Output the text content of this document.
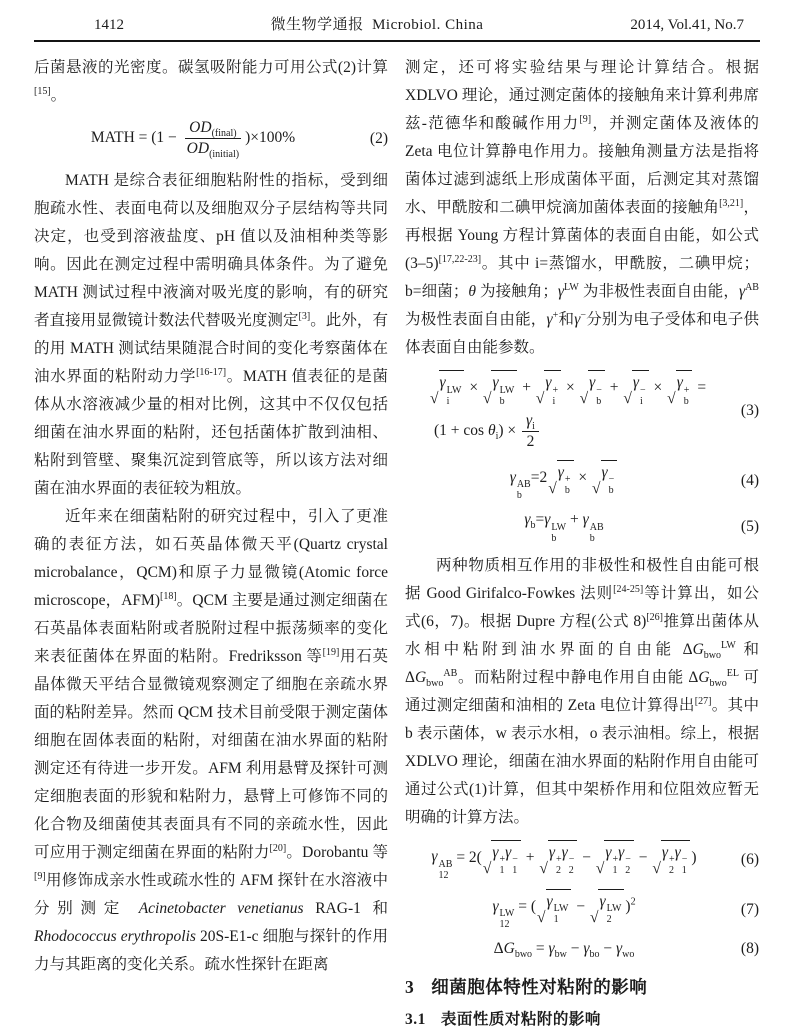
1412	微生物学通报 Microbiol. China	2014, Vol.41, No.7

后菌悬液的光密度。碳氢吸附能力可用公式(2)计算[15]。

MATH = $(1 - \frac{OD_{(final)}}{OD_{(initial)}} )\times 100\%$	(2)

MATH 是综合表征细胞粘附性的指标，受到细胞疏水性、表面电荷以及细胞双分子层结构等共同决定，也受到溶液盐度、pH 值以及油相种类等影响。因此在测定过程中需明确具体条件。为了避免 MATH 测试过程中液滴对吸光度的影响，有的研究者直接用显微镜计数法代替吸光度测定[3]。此外，有的用 MATH 测试结果随混合时间的变化考察菌体在油水界面的粘附动力学[16-17]。MATH 值表征的是菌体从水溶液减少量的相对比例，这其中不仅仅包括细菌在油水界面的粘附，还包括菌体扩散到油相、粘附到管壁、聚集沉淀到管底等，所以该方法对细菌在油水界面的表征较为粗放。

近年来在细菌粘附的研究过程中，引入了更准确的表征方法，如石英晶体微天平(Quartz crystal microbalance，QCM)和原子力显微镜(Atomic force microscope，AFM)[18]。QCM 主要是通过测定细菌在石英晶体表面粘附或者脱附过程中振荡频率的变化来表征菌体在界面的粘附。Fredriksson 等[19]用石英晶体微天平结合显微镜观察测定了细胞在亲疏水界面的粘附差异。然而 QCM 技术目前受限于测定菌体细胞在固体表面的粘附，对细菌在油水界面的粘附测定还有待进一步开发。AFM 利用悬臂及探针可测定细胞表面的形貌和粘附力，悬臂上可修饰不同的化合物及细菌使其表面具有不同的亲疏水性，因此可应用于测定细菌在界面的粘附力[20]。Dorobantu 等[9]用修饰成亲水性或疏水性的 AFM 探针在水溶液中分别测定 Acinetobacter venetianus RAG-1 和 Rhodococcus erythropolis 20S-E1-c 细胞与探针的作用力与其距离的变化关系。疏水性探针在距离

测定，还可将实验结果与理论计算结合。根据 XDLVO 理论，通过测定菌体的接触角来计算利弗席兹-范德华和酸碱作用力[9]，并测定菌体及液体的 Zeta 电位计算静电作用力。接触角测量方法是指将菌体过滤到滤纸上形成菌体平面，后测定其对蒸馏水、甲酰胺和二碘甲烷滴加菌体表面的接触角[3,21]，再根据 Young 方程计算菌体的表面自由能，如公式(3–5)[17,22-23]。其中 i=蒸馏水，甲酰胺，二碘甲烷；b=细菌；θ 为接触角；$\gamma^{LW}$ 为非极性表面自由能，$\gamma^{AB}$ 为极性表面自由能，γ+和γ−分别为电子受体和电子供体表面自由能参数。

√
γ LW
i
×
√
γ LW
b
+
√
γ +
i
×
√
γ −
b
+
√
γ −
i
×
√
γ +
b
=
$(1 + \cos \theta_i) \times \frac{\gamma_i}{2}$	(3)
γ AB
b
=2
√
γ +
b
×
√
γ −
b
(4)
$\gamma_b=\gamma$ LW
b
+ γ AB
b
(5)

两种物质相互作用的非极性和极性自由能可根据 Good Girifalco-Fowkes 法则[24-25]等计算出，如公式(6，7)。根据 Dupre 方程(公式 8)[26]推算出菌体从水相中粘附到油水界面的自由能 $\Delta G_{bwo}^{LW}$ 和 $\Delta G_{bwo}^{AB}$。而粘附过程中静电作用自由能 $\Delta G_{bwo}^{EL}$ 可通过测定细菌和油相的 Zeta 电位计算得出[27]。其中 b 表示菌体，w 表示水相，o 表示油相。综上，根据 XDLVO 理论，细菌在油水界面的粘附作用自由能可通过公式(1)计算，但其中架桥作用和位阻效应暂无明确的计算方法。

γ AB
12
= 2(
√
γ +
1
γ −
1
+
√
γ +
2
γ −
2
−
√
γ +
1
γ −
2
−
√
γ +
2
γ −
1
)	(6)
γ LW
12
= (
√
γ LW
1
−
√
γ LW
2
)$^2$	(7)
$\Delta G_{bwo} = \gamma_{bw} - \gamma_{bo} - \gamma_{wo}$	(8)
3 细菌胞体特性对粘附的影响
3.1 表面性质对粘附的影响
